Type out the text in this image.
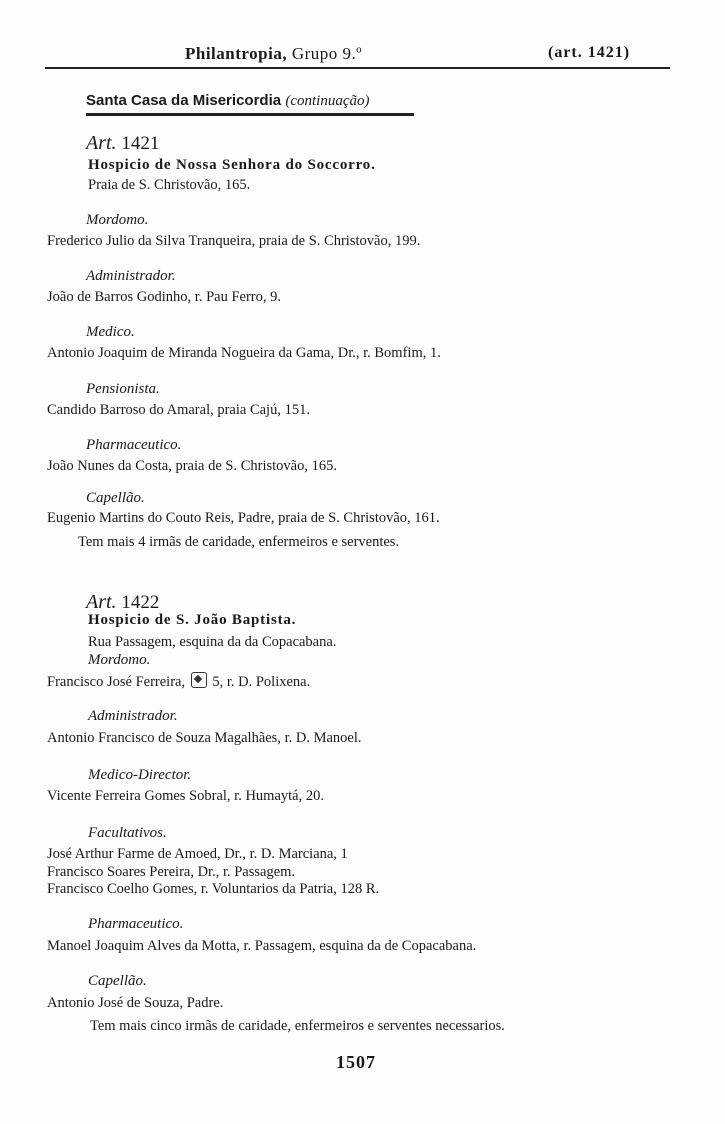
Philantropia, Grupo 9.º	(art. 1421)
Santa Casa da Misericordia (continuação)
Art. 1421
Hospicio de Nossa Senhora do Soccorro.
Praia de S. Christovão, 165.
Mordomo.
Frederico Julio da Silva Tranqueira, praia de S. Christovão, 199.
Administrador.
João de Barros Godinho, r. Pau Ferro, 9.
Medico.
Antonio Joaquim de Miranda Nogueira da Gama, Dr., r. Bomfim, 1.
Pensionista.
Candido Barroso do Amaral, praia Cajú, 151.
Pharmaceutico.
João Nunes da Costa, praia de S. Christovão, 165.
Capellão.
Eugenio Martins do Couto Reis, Padre, praia de S. Christovão, 161.
Tem mais 4 irmãs de caridade, enfermeiros e serventes.
Art. 1422
Hospicio de S. João Baptista.
Rua Passagem, esquina da da Copacabana.
Mordomo.
Francisco José Ferreira, 5, r. D. Polixena.
Administrador.
Antonio Francisco de Souza Magalhães, r. D. Manoel.
Medico-Director.
Vicente Ferreira Gomes Sobral, r. Humaytá, 20.
Facultativos.
José Arthur Farme de Amoed, Dr., r. D. Marciana, 1
Francisco Soares Pereira, Dr., r. Passagem.
Francisco Coelho Gomes, r. Voluntarios da Patria, 128 R.
Pharmaceutico.
Manoel Joaquim Alves da Motta, r. Passagem, esquina da de Copacabana.
Capellão.
Antonio José de Souza, Padre.
Tem mais cinco irmãs de caridade, enfermeiros e serventes necessarios.
1507
